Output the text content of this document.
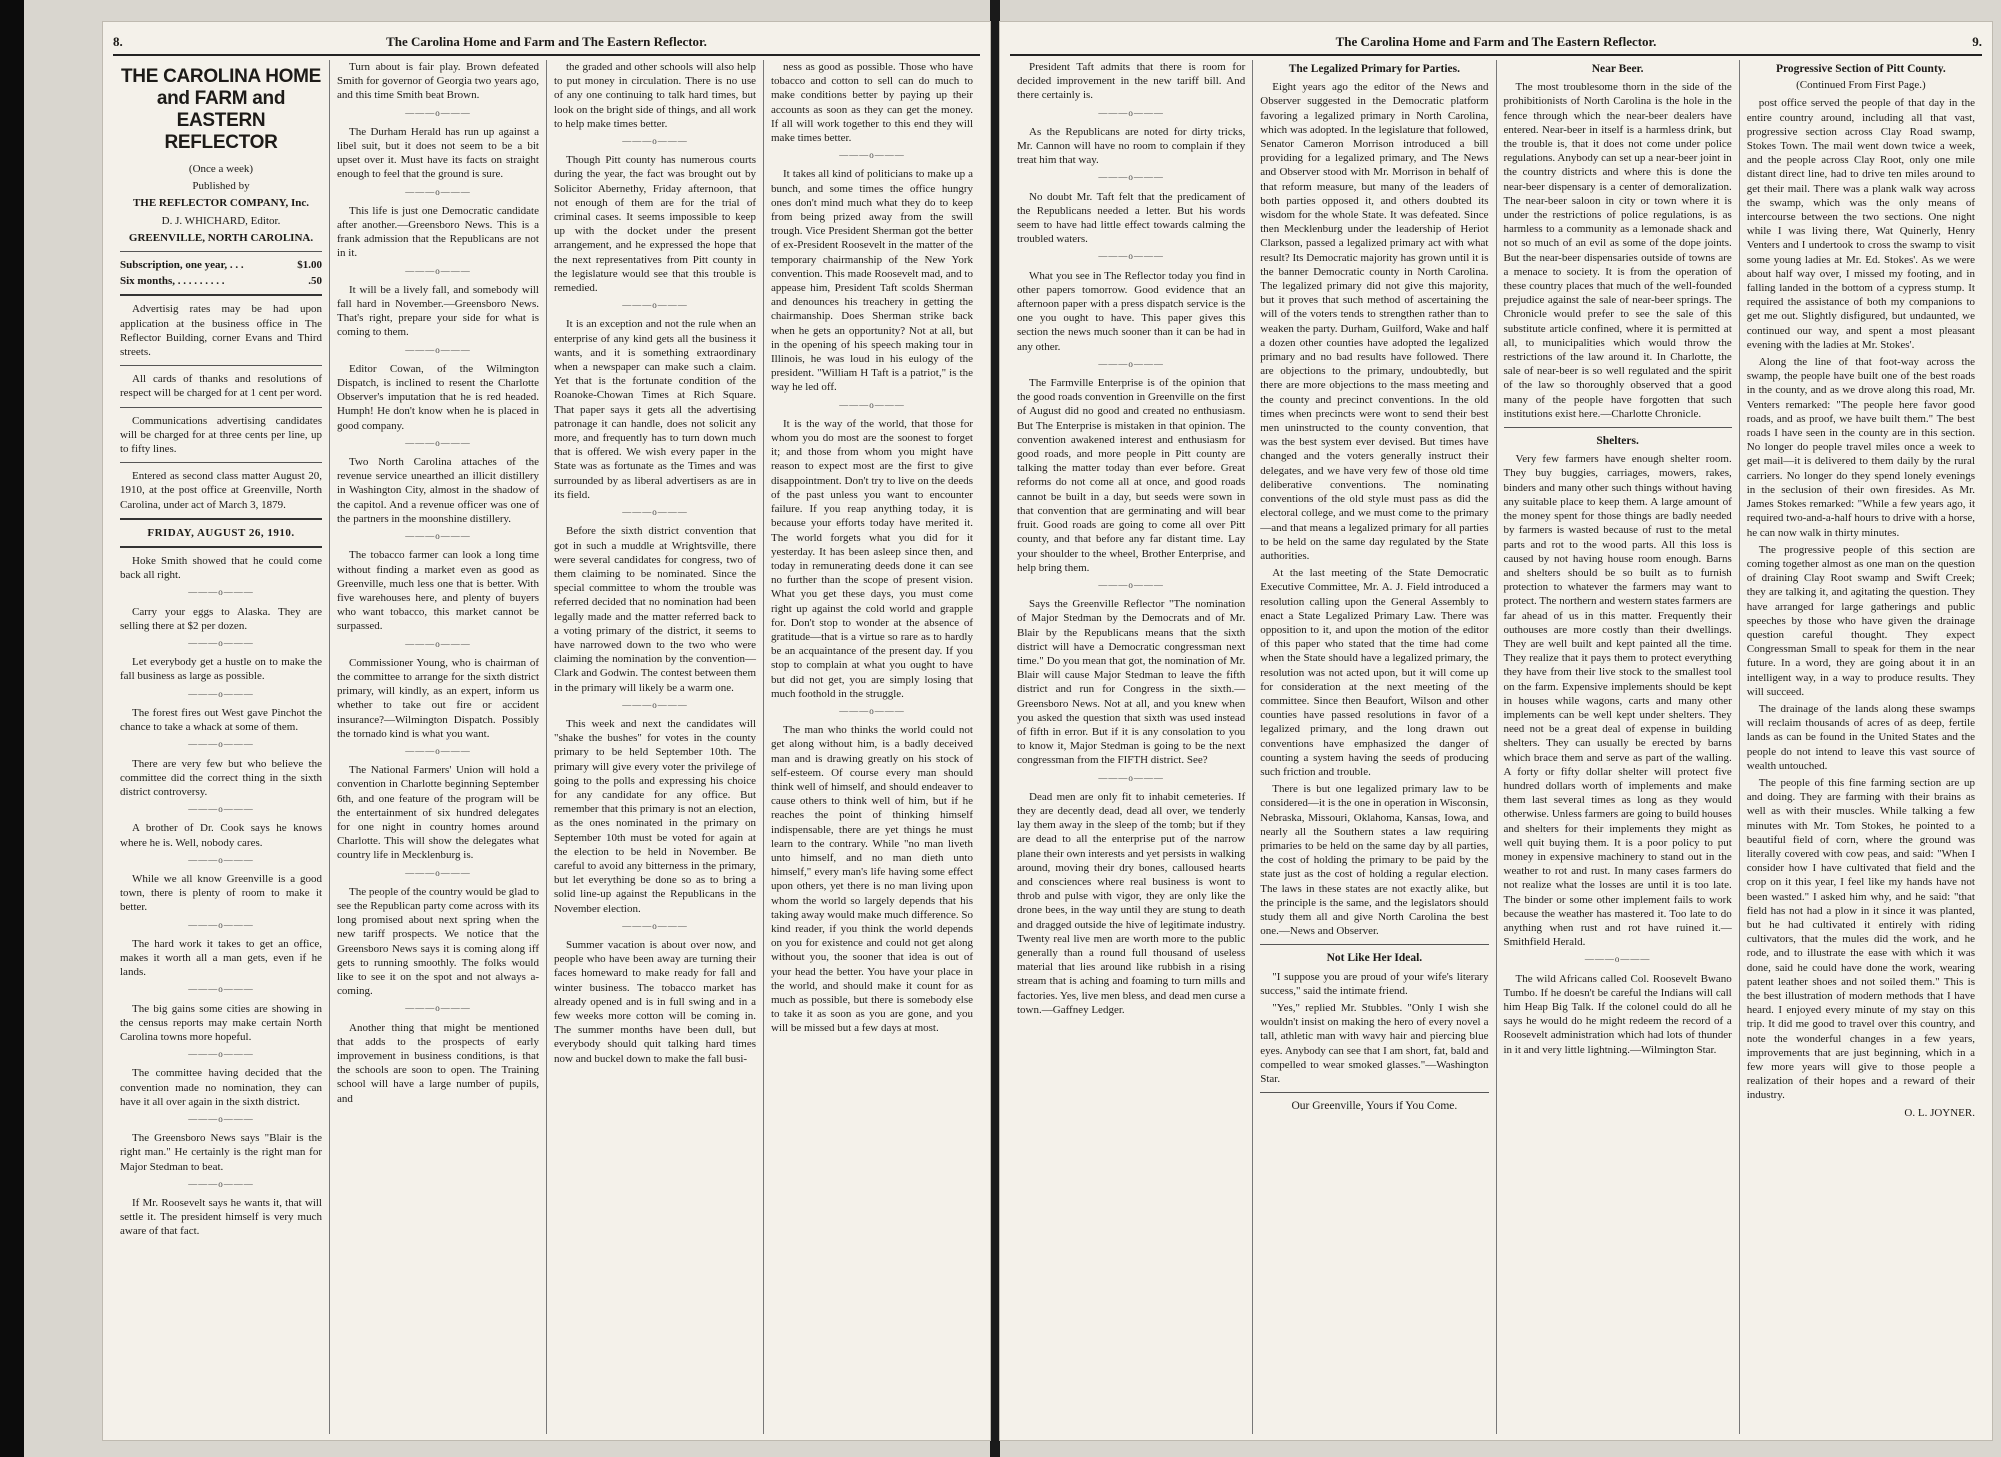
8.	The Carolina Home and Farm and The Eastern Reflector.
THE CAROLINA HOME and FARM and EASTERN REFLECTOR

(Once a week)

Published by

THE REFLECTOR COMPANY, Inc.

D. J. WHICHARD, Editor.

GREENVILLE, NORTH CAROLINA.

Subscription, one year, . . .	$1.00
Six months, . . . . . . . . .	.50

Advertisig rates may be had upon application at the business office in The Reflector Building, corner Evans and Third streets.

All cards of thanks and resolutions of respect will be charged for at 1 cent per word.

Communications advertising candidates will be charged for at three cents per line, up to fifty lines.

Entered as second class matter August 20, 1910, at the post office at Greenville, North Carolina, under act of March 3, 1879.

FRIDAY, AUGUST 26, 1910.

Hoke Smith showed that he could come back all right.

———o———

Carry your eggs to Alaska. They are selling there at $2 per dozen.

———o———

Let everybody get a hustle on to make the fall business as large as possible.

———o———

The forest fires out West gave Pinchot the chance to take a whack at some of them.

———o———

There are very few but who believe the committee did the correct thing in the sixth district controversy.

———o———

A brother of Dr. Cook says he knows where he is. Well, nobody cares.

———o———

While we all know Greenville is a good town, there is plenty of room to make it better.

———o———

The hard work it takes to get an office, makes it worth all a man gets, even if he lands.

———o———

The big gains some cities are showing in the census reports may make certain North Carolina towns more hopeful.

———o———

The committee having decided that the convention made no nomination, they can have it all over again in the sixth district.

———o———

The Greensboro News says "Blair is the right man." He certainly is the right man for Major Stedman to beat.

———o———

If Mr. Roosevelt says he wants it, that will settle it. The president himself is very much aware of that fact.

Turn about is fair play. Brown defeated Smith for governor of Georgia two years ago, and this time Smith beat Brown.

———o———

The Durham Herald has run up against a libel suit, but it does not seem to be a bit upset over it. Must have its facts on straight enough to feel that the ground is sure.

———o———

This life is just one Democratic candidate after another.—Greensboro News. This is a frank admission that the Republicans are not in it.

———o———

It will be a lively fall, and somebody will fall hard in November.—Greensboro News. That's right, prepare your side for what is coming to them.

———o———

Editor Cowan, of the Wilmington Dispatch, is inclined to resent the Charlotte Observer's imputation that he is red headed. Humph! He don't know when he is placed in good company.

———o———

Two North Carolina attaches of the revenue service unearthed an illicit distillery in Washington City, almost in the shadow of the capitol. And a revenue officer was one of the partners in the moonshine distillery.

———o———

The tobacco farmer can look a long time without finding a market even as good as Greenville, much less one that is better. With five warehouses here, and plenty of buyers who want tobacco, this market cannot be surpassed.

———o———

Commissioner Young, who is chairman of the committee to arrange for the sixth district primary, will kindly, as an expert, inform us whether to take out fire or accident insurance?—Wilmington Dispatch. Possibly the tornado kind is what you want.

———o———

The National Farmers' Union will hold a convention in Charlotte beginning September 6th, and one feature of the program will be the entertainment of six hundred delegates for one night in country homes around Charlotte. This will show the delegates what country life in Mecklenburg is.

———o———

The people of the country would be glad to see the Republican party come across with its long promised about next spring when the new tariff prospects. We notice that the Greensboro News says it is coming along iff gets to running smoothly. The folks would like to see it on the spot and not always a-coming.

———o———

Another thing that might be mentioned that adds to the prospects of early improvement in business conditions, is that the schools are soon to open. The Training school will have a large number of pupils, and

the graded and other schools will also help to put money in circulation. There is no use of any one continuing to talk hard times, but look on the bright side of things, and all work to help make times better.

———o———

Though Pitt county has numerous courts during the year, the fact was brought out by Solicitor Abernethy, Friday afternoon, that not enough of them are for the trial of criminal cases. It seems impossible to keep up with the docket under the present arrangement, and he expressed the hope that the next representatives from Pitt county in the legislature would see that this trouble is remedied.

———o———

It is an exception and not the rule when an enterprise of any kind gets all the business it wants, and it is something extraordinary when a newspaper can make such a claim. Yet that is the fortunate condition of the Roanoke-Chowan Times at Rich Square. That paper says it gets all the advertising patronage it can handle, does not solicit any more, and frequently has to turn down much that is offered. We wish every paper in the State was as fortunate as the Times and was surrounded by as liberal advertisers as are in its field.

———o———

Before the sixth district convention that got in such a muddle at Wrightsville, there were several candidates for congress, two of them claiming to be nominated. Since the special committee to whom the trouble was referred decided that no nomination had been legally made and the matter referred back to a voting primary of the district, it seems to have narrowed down to the two who were claiming the nomination by the convention—Clark and Godwin. The contest between them in the primary will likely be a warm one.

———o———

This week and next the candidates will "shake the bushes" for votes in the county primary to be held September 10th. The primary will give every voter the privilege of going to the polls and expressing his choice for any candidate for any office. But remember that this primary is not an election, as the ones nominated in the primary on September 10th must be voted for again at the election to be held in November. Be careful to avoid any bitterness in the primary, but let everything be done so as to bring a solid line-up against the Republicans in the November election.

———o———

Summer vacation is about over now, and people who have been away are turning their faces homeward to make ready for fall and winter business. The tobacco market has already opened and is in full swing and in a few weeks more cotton will be coming in. The summer months have been dull, but everybody should quit talking hard times now and buckel down to make the fall busi-

ness as good as possible. Those who have tobacco and cotton to sell can do much to make conditions better by paying up their accounts as soon as they can get the money. If all will work together to this end they will make times better.

———o———

It takes all kind of politicians to make up a bunch, and some times the office hungry ones don't mind much what they do to keep from being prized away from the swill trough. Vice President Sherman got the better of ex-President Roosevelt in the matter of the temporary chairmanship of the New York convention. This made Roosevelt mad, and to appease him, President Taft scolds Sherman and denounces his treachery in getting the chairmanship. Does Sherman strike back when he gets an opportunity? Not at all, but in the opening of his speech making tour in Illinois, he was loud in his eulogy of the president. "William H Taft is a patriot," is the way he led off.

———o———

It is the way of the world, that those for whom you do most are the soonest to forget it; and those from whom you might have reason to expect most are the first to give disappointment. Don't try to live on the deeds of the past unless you want to encounter failure. If you reap anything today, it is because your efforts today have merited it. The world forgets what you did for it yesterday. It has been asleep since then, and today in remunerating deeds done it can see no further than the scope of present vision. What you get these days, you must come right up against the cold world and grapple for. Don't stop to wonder at the absence of gratitude—that is a virtue so rare as to hardly be an acquaintance of the present day. If you stop to complain at what you ought to have but did not get, you are simply losing that much foothold in the struggle.

———o———

The man who thinks the world could not get along without him, is a badly deceived man and is drawing greatly on his stock of self-esteem. Of course every man should think well of himself, and should endeaver to cause others to think well of him, but if he reaches the point of thinking himself indispensable, there are yet things he must learn to the contrary. While "no man liveth unto himself, and no man dieth unto himself," every man's life having some effect upon others, yet there is no man living upon whom the world so largely depends that his taking away would make much difference. So kind reader, if you think the world depends on you for existence and could not get along without you, the sooner that idea is out of your head the better. You have your place in the world, and should make it count for as much as possible, but there is somebody else to take it as soon as you are gone, and you will be missed but a few days at most.

The Carolina Home and Farm and The Eastern Reflector.	9.

President Taft admits that there is room for decided improvement in the new tariff bill. And there certainly is.

———o———

As the Republicans are noted for dirty tricks, Mr. Cannon will have no room to complain if they treat him that way.

———o———

No doubt Mr. Taft felt that the predicament of the Republicans needed a letter. But his words seem to have had little effect towards calming the troubled waters.

———o———

What you see in The Reflector today you find in other papers tomorrow. Good evidence that an afternoon paper with a press dispatch service is the one you ought to have. This paper gives this section the news much sooner than it can be had in any other.

———o———

The Farmville Enterprise is of the opinion that the good roads convention in Greenville on the first of August did no good and created no enthusiasm. But The Enterprise is mistaken in that opinion. The convention awakened interest and enthusiasm for good roads, and more people in Pitt county are talking the matter today than ever before. Great reforms do not come all at once, and good roads cannot be built in a day, but seeds were sown in that convention that are germinating and will bear fruit. Good roads are going to come all over Pitt county, and that before any far distant time. Lay your shoulder to the wheel, Brother Enterprise, and help bring them.

———o———

Says the Greenville Reflector "The nomination of Major Stedman by the Democrats and of Mr. Blair by the Republicans means that the sixth district will have a Democratic congressman next time." Do you mean that got, the nomination of Mr. Blair will cause Major Stedman to leave the fifth district and run for Congress in the sixth.—Greensboro News. Not at all, and you knew when you asked the question that sixth was used instead of fifth in error. But if it is any consolation to you to know it, Major Stedman is going to be the next congressman from the FIFTH district. See?

———o———

Dead men are only fit to inhabit cemeteries. If they are decently dead, dead all over, we tenderly lay them away in the sleep of the tomb; but if they are dead to all the enterprise put of the narrow plane their own interests and yet persists in walking around, moving their dry bones, calloused hearts and consciences where real business is wont to throb and pulse with vigor, they are only like the drone bees, in the way until they are stung to death and dragged outside the hive of legitimate industry. Twenty real live men are worth more to the public generally than a round full thousand of useless material that lies around like rubbish in a rising stream that is aching and foaming to turn mills and factories. Yes, live men bless, and dead men curse a town.—Gaffney Ledger.

The Legalized Primary for Parties.

Eight years ago the editor of the News and Observer suggested in the Democratic platform favoring a legalized primary in North Carolina, which was adopted. In the legislature that followed, Senator Cameron Morrison introduced a bill providing for a legalized primary, and The News and Observer stood with Mr. Morrison in behalf of that reform measure, but many of the leaders of both parties opposed it, and others doubted its wisdom for the whole State. It was defeated. Since then Mecklenburg under the leadership of Heriot Clarkson, passed a legalized primary act with what result? Its Democratic majority has grown until it is the banner Democratic county in North Carolina. The legalized primary did not give this majority, but it proves that such method of ascertaining the will of the voters tends to strengthen rather than to weaken the party. Durham, Guilford, Wake and half a dozen other counties have adopted the legalized primary and no bad results have followed. There are objections to the primary, undoubtedly, but there are more objections to the mass meeting and the county and precinct conventions. In the old times when precincts were wont to send their best men uninstructed to the county convention, that was the best system ever devised. But times have changed and the voters generally instruct their delegates, and we have very few of those old time deliberative conventions. The nominating conventions of the old style must pass as did the electoral college, and we must come to the primary—and that means a legalized primary for all parties to be held on the same day regulated by the State authorities.

At the last meeting of the State Democratic Executive Committee, Mr. A. J. Field introduced a resolution calling upon the General Assembly to enact a State Legalized Primary Law. There was opposition to it, and upon the motion of the editor of this paper who stated that the time had come when the State should have a legalized primary, the resolution was not acted upon, but it will come up for consideration at the next meeting of the committee. Since then Beaufort, Wilson and other counties have passed resolutions in favor of a legalized primary, and the long drawn out conventions have emphasized the danger of counting a system having the seeds of producing such friction and trouble.

There is but one legalized primary law to be considered—it is the one in operation in Wisconsin, Nebraska, Missouri, Oklahoma, Kansas, Iowa, and nearly all the Southern states a law requiring primaries to be held on the same day by all parties, the cost of holding the primary to be paid by the state just as the cost of holding a regular election. The laws in these states are not exactly alike, but the principle is the same, and the legislators should study them all and give North Carolina the best one.—News and Observer.

Not Like Her Ideal.

"I suppose you are proud of your wife's literary success," said the intimate friend.

"Yes," replied Mr. Stubbles. "Only I wish she wouldn't insist on making the hero of every novel a tall, athletic man with wavy hair and piercing blue eyes. Anybody can see that I am short, fat, bald and compelled to wear smoked glasses."—Washington Star.

Our Greenville, Yours if You Come.
Near Beer.

The most troublesome thorn in the side of the prohibitionists of North Carolina is the hole in the fence through which the near-beer dealers have entered. Near-beer in itself is a harmless drink, but the trouble is, that it does not come under police regulations. Anybody can set up a near-beer joint in the country districts and where this is done the near-beer dispensary is a center of demoralization. The near-beer saloon in city or town where it is under the restrictions of police regulations, is as harmless to a community as a lemonade shack and not so much of an evil as some of the dope joints. But the near-beer dispensaries outside of towns are a menace to society. It is from the operation of these country places that much of the well-founded prejudice against the sale of near-beer springs. The Chronicle would prefer to see the sale of this substitute article confined, where it is permitted at all, to municipalities which would throw the restrictions of the law around it. In Charlotte, the sale of near-beer is so well regulated and the spirit of the law so thoroughly observed that a good many of the people have forgotten that such institutions exist here.—Charlotte Chronicle.

Shelters.

Very few farmers have enough shelter room. They buy buggies, carriages, mowers, rakes, binders and many other such things without having any suitable place to keep them. A large amount of the money spent for those things are badly needed by farmers is wasted because of rust to the metal parts and rot to the wood parts. All this loss is caused by not having house room enough. Barns and shelters should be so built as to furnish protection to whatever the farmers may want to protect. The northern and western states farmers are far ahead of us in this matter. Frequently their outhouses are more costly than their dwellings. They are well built and kept painted all the time. They realize that it pays them to protect everything they have from their live stock to the smallest tool on the farm. Expensive implements should be kept in houses while wagons, carts and many other implements can be well kept under shelters. They need not be a great deal of expense in building shelters. They can usually be erected by barns which brace them and serve as part of the walling. A forty or fifty dollar shelter will protect five hundred dollars worth of implements and make them last several times as long as they would otherwise. Unless farmers are going to build houses and shelters for their implements they might as well quit buying them. It is a poor policy to put money in expensive machinery to stand out in the weather to rot and rust. In many cases farmers do not realize what the losses are until it is too late. The binder or some other implement fails to work because the weather has mastered it. Too late to do anything when rust and rot have ruined it.—Smithfield Herald.

———o———

The wild Africans called Col. Roosevelt Bwano Tumbo. If he doesn't be careful the Indians will call him Heap Big Talk. If the colonel could do all he says he would do he might redeem the record of a Roosevelt administration which had lots of thunder in it and very little lightning.—Wilmington Star.

Progressive Section of Pitt County.
(Continued From First Page.)

post office served the people of that day in the entire country around, including all that vast, progressive section across Clay Road swamp, Stokes Town. The mail went down twice a week, and the people across Clay Root, only one mile distant direct line, had to drive ten miles around to get their mail. There was a plank walk way across the swamp, which was the only means of intercourse between the two sections. One night while I was living there, Wat Quinerly, Henry Venters and I undertook to cross the swamp to visit some young ladies at Mr. Ed. Stokes'. As we were about half way over, I missed my footing, and in falling landed in the bottom of a cypress stump. It required the assistance of both my companions to get me out. Slightly disfigured, but undaunted, we continued our way, and spent a most pleasant evening with the ladies at Mr. Stokes'.

Along the line of that foot-way across the swamp, the people have built one of the best roads in the county, and as we drove along this road, Mr. Venters remarked: "The people here favor good roads, and as proof, we have built them." The best roads I have seen in the county are in this section. No longer do people travel miles once a week to get mail—it is delivered to them daily by the rural carriers. No longer do they spend lonely evenings in the seclusion of their own firesides. As Mr. James Stokes remarked: "While a few years ago, it required two-and-a-half hours to drive with a horse, he can now walk in thirty minutes.

The progressive people of this section are coming together almost as one man on the question of draining Clay Root swamp and Swift Creek; they are talking it, and agitating the question. They have arranged for large gatherings and public speeches by those who have given the drainage question careful thought. They expect Congressman Small to speak for them in the near future. In a word, they are going about it in an intelligent way, in a way to produce results. They will succeed.

The drainage of the lands along these swamps will reclaim thousands of acres of as deep, fertile lands as can be found in the United States and the people do not intend to leave this vast source of wealth untouched.

The people of this fine farming section are up and doing. They are farming with their brains as well as with their muscles. While talking a few minutes with Mr. Tom Stokes, he pointed to a beautiful field of corn, where the ground was literally covered with cow peas, and said: "When I consider how I have cultivated that field and the crop on it this year, I feel like my hands have not been wasted." I asked him why, and he said: "that field has not had a plow in it since it was planted, but he had cultivated it entirely with riding cultivators, that the mules did the work, and he rode, and to illustrate the ease with which it was done, said he could have done the work, wearing patent leather shoes and not soiled them." This is the best illustration of modern methods that I have heard. I enjoyed every minute of my stay on this trip. It did me good to travel over this country, and note the wonderful changes in a few years, improvements that are just beginning, which in a few more years will give to those people a realization of their hopes and a reward of their industry.

O. L. JOYNER.
